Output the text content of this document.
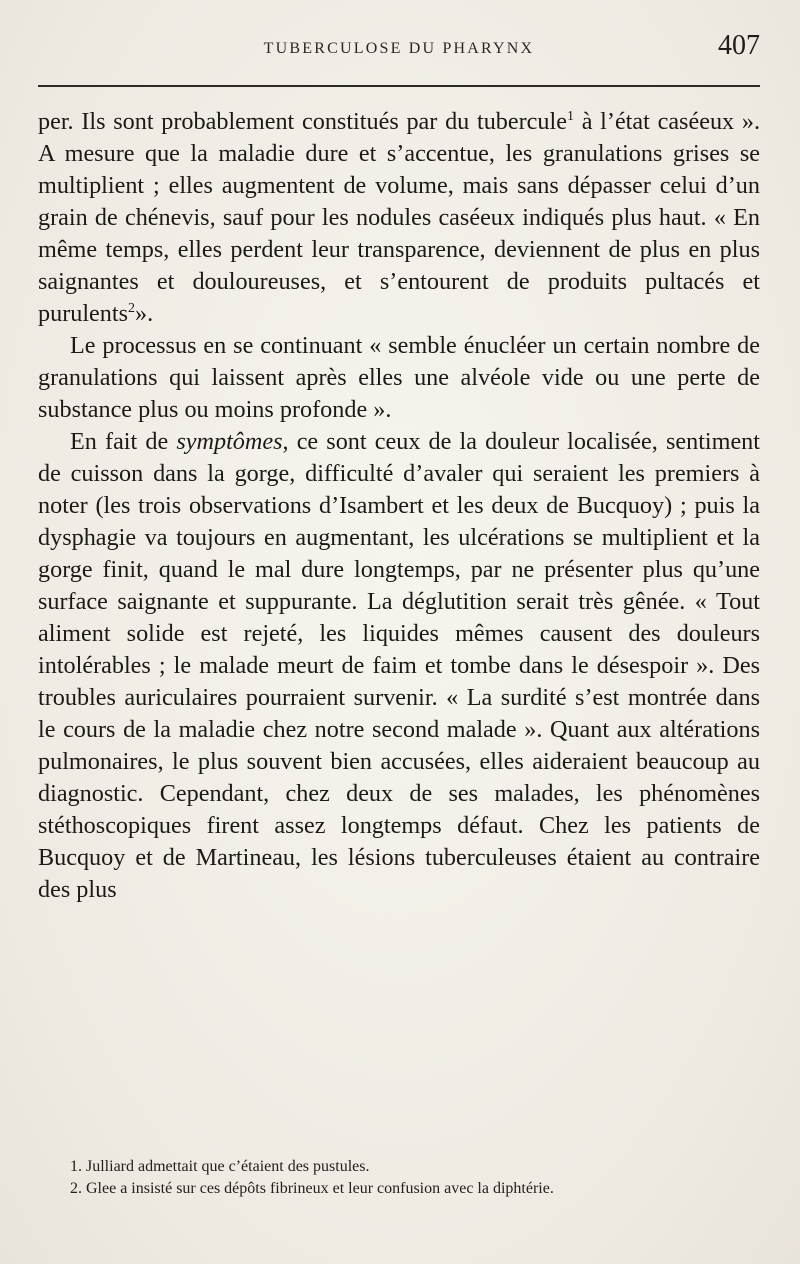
TUBERCULOSE DU PHARYNX	407

per. Ils sont probablement constitués par du tubercule$^1$ à l’état caséeux ». A mesure que la maladie dure et s’accentue, les granulations grises se multiplient ; elles augmentent de volume, mais sans dépasser celui d’un grain de chénevis, sauf pour les nodules caséeux indiqués plus haut. « En même temps, elles perdent leur transparence, deviennent de plus en plus saignantes et douloureuses, et s’entourent de produits pultacés et purulents$^2$».

Le processus en se continuant « semble énucléer un certain nombre de granulations qui laissent après elles une alvéole vide ou une perte de substance plus ou moins profonde ».

En fait de symptômes, ce sont ceux de la douleur localisée, sentiment de cuisson dans la gorge, difficulté d’avaler qui seraient les premiers à noter (les trois observations d’Isambert et les deux de Bucquoy) ; puis la dysphagie va toujours en augmentant, les ulcérations se multiplient et la gorge finit, quand le mal dure longtemps, par ne présenter plus qu’une surface saignante et suppurante. La déglutition serait très gênée. « Tout aliment solide est rejeté, les liquides mêmes causent des douleurs intolérables ; le malade meurt de faim et tombe dans le désespoir ». Des troubles auriculaires pourraient survenir. « La surdité s’est montrée dans le cours de la maladie chez notre second malade ». Quant aux altérations pulmonaires, le plus souvent bien accusées, elles aideraient beaucoup au diagnostic. Cependant, chez deux de ses malades, les phénomènes stéthoscopiques firent assez longtemps défaut. Chez les patients de Bucquoy et de Martineau, les lésions tuberculeuses étaient au contraire des plus

1. Julliard admettait que c’étaient des pustules.

2. Glee a insisté sur ces dépôts fibrineux et leur confusion avec la diphtérie.
